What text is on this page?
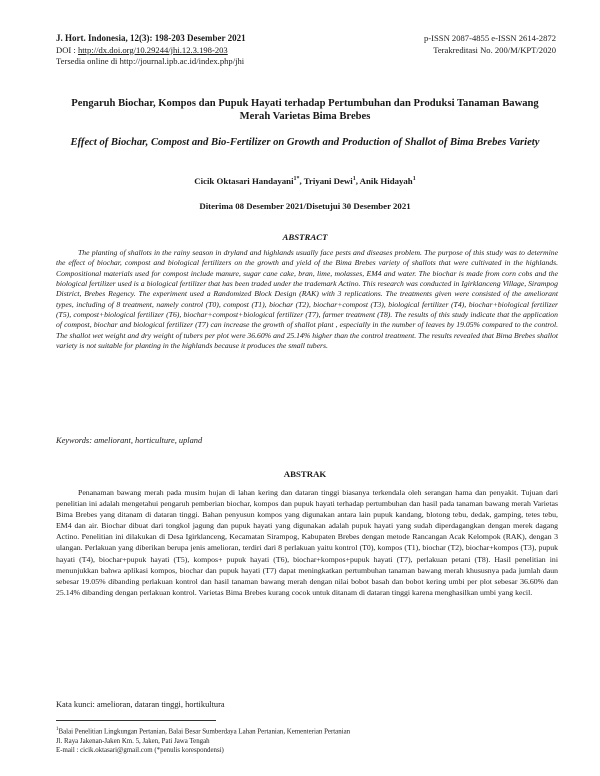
J. Hort. Indonesia, 12(3): 198-203 Desember 2021
DOI : http://dx.doi.org/10.29244/jhi.12.3.198-203
Tersedia online di http://journal.ipb.ac.id/index.php/jhi
p-ISSN 2087-4855 e-ISSN 2614-2872
Terakreditasi No. 200/M/KPT/2020
Pengaruh Biochar, Kompos dan Pupuk Hayati terhadap Pertumbuhan dan Produksi Tanaman Bawang Merah Varietas Bima Brebes
Effect of Biochar, Compost and Bio-Fertilizer on Growth and Production of Shallot of Bima Brebes Variety
Cicik Oktasari Handayani$^{1*}$, Triyani Dewi$^1$, Anik Hidayah$^1$
Diterima 08 Desember 2021/Disetujui 30 Desember 2021
ABSTRACT
The planting of shallots in the rainy season in dryland and highlands usually face pests and diseases problem. The purpose of this study was to determine the effect of biochar, compost and biological fertilizers on the growth and yield of the Bima Brebes variety of shallots that were cultivated in the highlands. Compositional materials used for compost include manure, sugar cane cake, bran, lime, molasses, EM4 and water. The biochar is made from corn cobs and the biological fertilizer used is a biological fertilizer that has been traded under the trademark Actino. This research was conducted in Igirklanceng Village, Sirampog District, Brebes Regency. The experiment used a Randomized Block Design (RAK) with 3 replications. The treatments given were consisted of the ameliorant types, including of 8 treatment, namely control (T0), compost (T1), biochar (T2), biochar+compost (T3), biological fertilizer (T4), biochar+biological fertilizer (T5), compost+biological fertilizer (T6), biochar+compost+biological fertilizer (T7), farmer treatment (T8). The results of this study indicate that the application of compost, biochar and biological fertilizer (T7) can increase the growth of shallot plant , especially in the number of leaves by 19.05% compared to the control. The shallot wet weight and dry weight of tubers per plot were 36.60% and 25.14% higher than the control treatment. The results revealed that Bima Brebes shallot variety is not suitable for planting in the highlands because it produces the small tubers.
Keywords: ameliorant, horticulture, upland
ABSTRAK
Penanaman bawang merah pada musim hujan di lahan kering dan dataran tinggi biasanya terkendala oleh serangan hama dan penyakit. Tujuan dari penelitian ini adalah mengetahui pengaruh pemberian biochar, kompos dan pupuk hayati terhadap pertumbuhan dan hasil pada tanaman bawang merah Varietas Bima Brebes yang ditanam di dataran tinggi. Bahan penyusun kompos yang digunakan antara lain pupuk kandang, blotong tebu, dedak, gamping, tetes tebu, EM4 dan air. Biochar dibuat dari tongkol jagung dan pupuk hayati yang digunakan adalah pupuk hayati yang sudah diperdagangkan dengan merek dagang Actino. Penelitian ini dilakukan di Desa Igirklanceng, Kecamatan Sirampog, Kabupaten Brebes dengan metode Rancangan Acak Kelompok (RAK), dengan 3 ulangan. Perlakuan yang diberikan berupa jenis amelioran, terdiri dari 8 perlakuan yaitu kontrol (T0), kompos (T1), biochar (T2), biochar+kompos (T3), pupuk hayati (T4), biochar+pupuk hayati (T5), kompos+ pupuk hayati (T6), biochar+kompos+pupuk hayati (T7), perlakuan petani (T8). Hasil penelitian ini menunjukkan bahwa aplikasi kompos, biochar dan pupuk hayati (T7) dapat meningkatkan pertumbuhan tanaman bawang merah khususnya pada jumlah daun sebesar 19.05% dibanding perlakuan kontrol dan hasil tanaman bawang merah dengan nilai bobot basah dan bobot kering umbi per plot sebesar 36.60% dan 25.14% dibanding dengan perlakuan kontrol. Varietas Bima Brebes kurang cocok untuk ditanam di dataran tinggi karena menghasilkan umbi yang kecil.
Kata kunci: amelioran, dataran tinggi, hortikultura
$^1$Balai Penelitian Lingkungan Pertanian, Balai Besar Sumberdaya Lahan Pertanian, Kementerian Pertanian
Jl. Raya Jakenan-Jaken Km. 5, Jaken, Pati Jawa Tengah
E-mail : cicik.oktasari@gmail.com (*penulis korespondensi)
